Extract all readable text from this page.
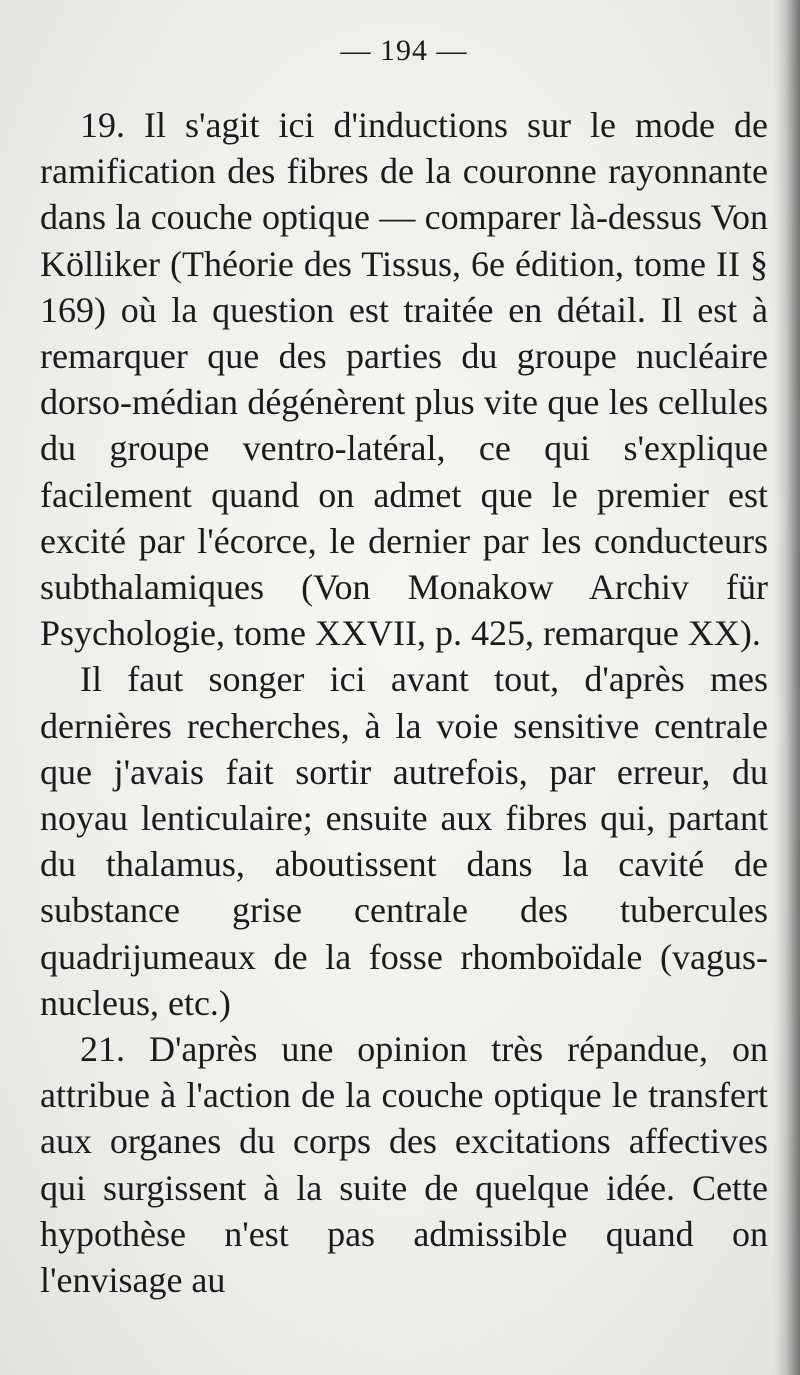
— 194 —

19. Il s'agit ici d'inductions sur le mode de ramification des fibres de la couronne rayonnante dans la couche optique — comparer là-dessus Von Kölliker (Théorie des Tissus, 6e édition, tome II § 169) où la question est traitée en détail. Il est à remarquer que des parties du groupe nucléaire dorso-médian dégénèrent plus vite que les cellules du groupe ventro-latéral, ce qui s'explique facilement quand on admet que le premier est excité par l'écorce, le dernier par les conducteurs subthalamiques (Von Monakow Archiv für Psychologie, tome XXVII, p. 425, remarque XX).

Il faut songer ici avant tout, d'après mes dernières recherches, à la voie sensitive centrale que j'avais fait sortir autrefois, par erreur, du noyau lenticulaire; ensuite aux fibres qui, partant du thalamus, aboutissent dans la cavité de substance grise centrale des tubercules quadrijumeaux de la fosse rhomboïdale (vagus-nucleus, etc.)

21. D'après une opinion très répandue, on attribue à l'action de la couche optique le transfert aux organes du corps des excitations affectives qui surgissent à la suite de quelque idée. Cette hypothèse n'est pas admissible quand on l'envisage au
